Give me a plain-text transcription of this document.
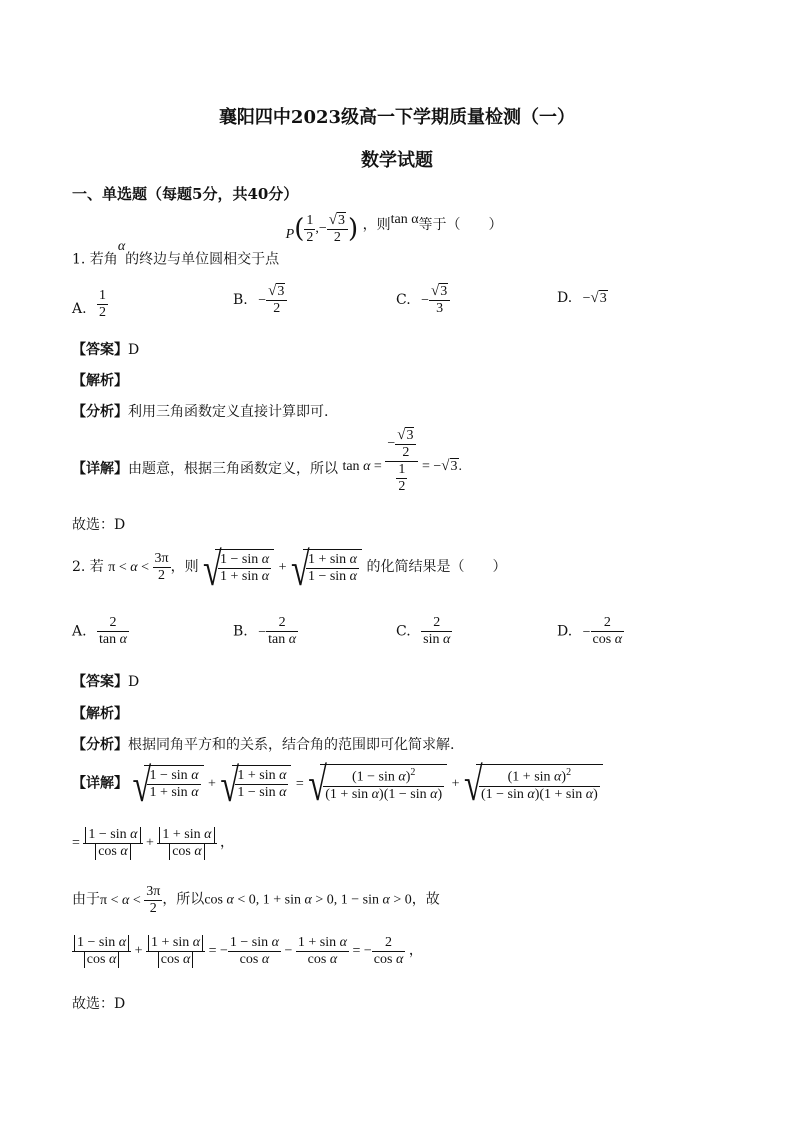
襄阳四中2023级高一下学期质量检测（一）
数学试题
一、单选题（每题5分，共40分）
1. 若角$^\alpha$的终边与单位圆相交于点 $P( \frac{1}{2}$ ,− $\frac{√3}{2}$ ) ，则tan α等于（　　）
A. $\frac{1}{2}$	B. − $\frac{√3}{2}$	C. − $\frac{√3}{3}$	D. −√3
【答案】D
【解析】
【分析】利用三角函数定义直接计算即可.
【详解】由题意，根据三角函数定义，所以 $\tan \alpha = \frac{- \frac{√3}{2}}{\frac{1}{2}} = -√3$.
故选：D
2. 若 $\pi < \alpha < \frac{3\pi}{2}$ ，则 √
$\frac{\text{1 − sin α}}{\text{1 + sin α}}$ + √
$\frac{\text{1 + sin α}}{\text{1 − sin α}}$ 的化简结果是（　　）
A. $\frac{2}{\text{tan α}}$	B. − $\frac{2}{\text{tan α}}$	C. $\frac{2}{\text{sin α}}$	D. − $\frac{2}{\text{cos α}}$
【答案】D
【解析】
【分析】根据同角平方和的关系，结合角的范围即可化简求解.
【详解】 √
$\frac{\text{1 − sin α}}{\text{1 + sin α}}$ + √
$\frac{\text{1 + sin α}}{\text{1 − sin α}}$ = √
$\frac{(1 - \sin \alpha)^2}{\text{(1 + sin α)(1 − sin α)}}$ + √
$\frac{(1 + \sin \alpha)^2}{\text{(1 − sin α)(1 + sin α)}}$
= $\frac{\text{1 − sin α}}{\text{cos α}} + \frac{\text{1 + sin α}}{\text{cos α}}$ ，
由于$\pi < \alpha < \frac{3\pi}{2}$ ，所以cos α < 0, 1 + sin α > 0, 1 − sin α > 0，故
$\frac{\text{1 − sin α}}{\text{cos α}} + \frac{\text{1 + sin α}}{\text{cos α}}$ = − $\frac{\text{1 − sin α}}{\text{cos α}} - \frac{\text{1 + sin α}}{\text{cos α}}$ = − $\frac{2}{\text{cos α}}$ ，
故选：D
